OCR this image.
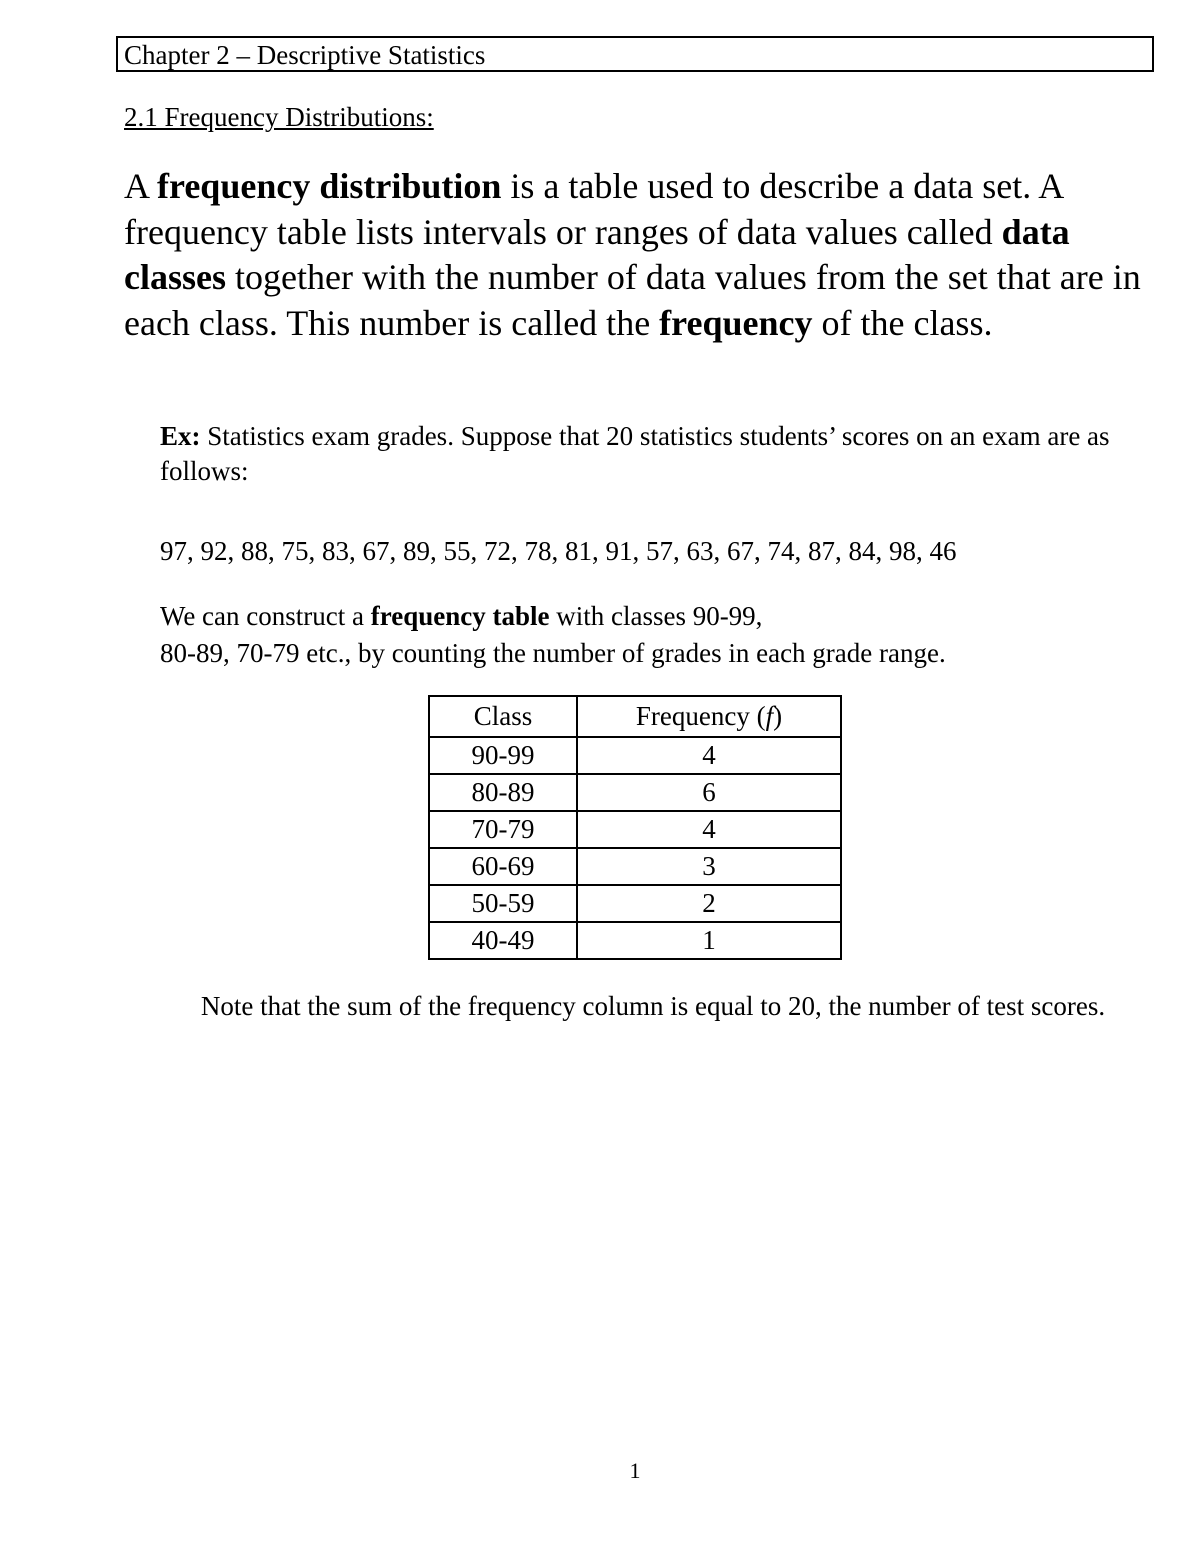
Chapter 2 – Descriptive Statistics
2.1 Frequency Distributions:

A frequency distribution is a table used to describe a data set. A frequency table lists intervals or ranges of data values called data classes together with the number of data values from the set that are in each class. This number is called the frequency of the class.

Ex: Statistics exam grades. Suppose that 20 statistics students’ scores on an exam are as follows:

97, 92, 88, 75, 83, 67, 89, 55, 72, 78, 81, 91, 57, 63, 67, 74, 87, 84, 98, 46

We can construct a frequency table with classes 90-99,
80-89, 70-79 etc., by counting the number of grades in each grade range.

Class	Frequency (f)
90-99	4
80-89	6
70-79	4
60-69	3
50-59	2
40-49	1

Note that the sum of the frequency column is equal to 20, the number of test scores.

1
